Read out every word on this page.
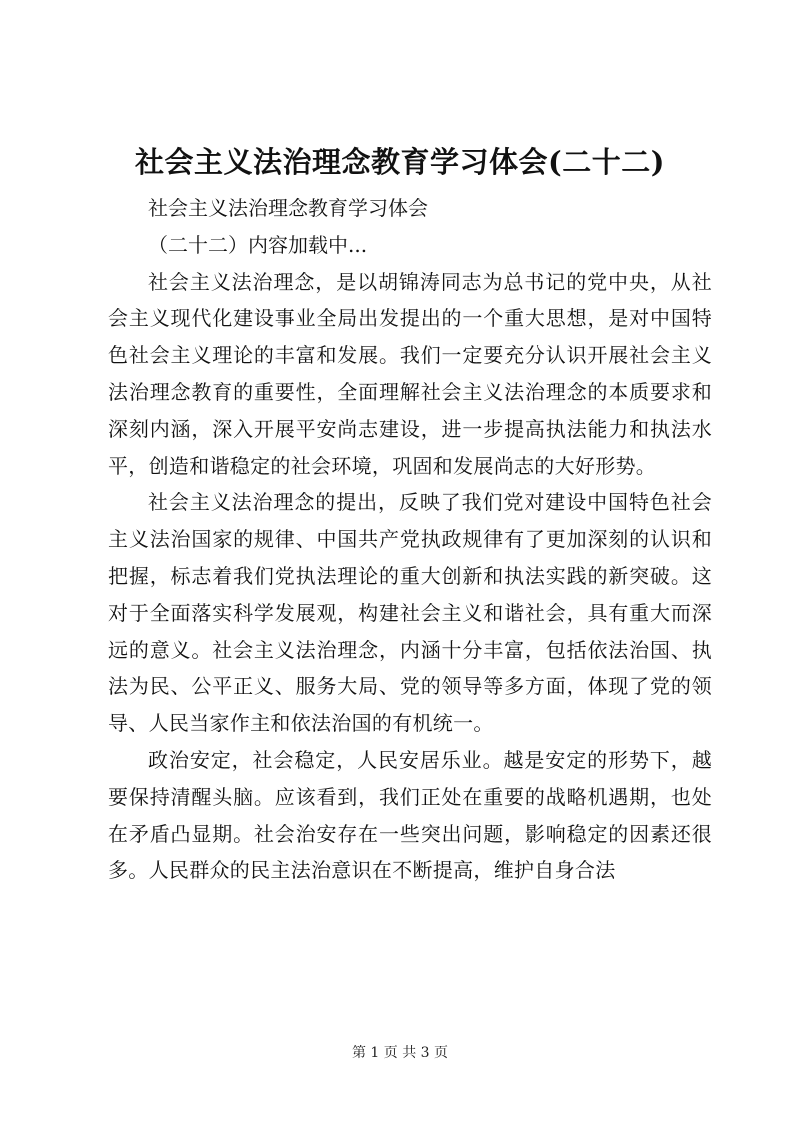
社会主义法治理念教育学习体会(二十二)

社会主义法治理念教育学习体会

（二十二）内容加载中...

社会主义法治理念，是以胡锦涛同志为总书记的党中央，从社会主义现代化建设事业全局出发提出的一个重大思想，是对中国特色社会主义理论的丰富和发展。我们一定要充分认识开展社会主义法治理念教育的重要性，全面理解社会主义法治理念的本质要求和深刻内涵，深入开展平安尚志建设，进一步提高执法能力和执法水平，创造和谐稳定的社会环境，巩固和发展尚志的大好形势。

社会主义法治理念的提出，反映了我们党对建设中国特色社会主义法治国家的规律、中国共产党执政规律有了更加深刻的认识和把握，标志着我们党执法理论的重大创新和执法实践的新突破。这对于全面落实科学发展观，构建社会主义和谐社会，具有重大而深远的意义。社会主义法治理念，内涵十分丰富，包括依法治国、执法为民、公平正义、服务大局、党的领导等多方面，体现了党的领导、人民当家作主和依法治国的有机统一。

政治安定，社会稳定，人民安居乐业。越是安定的形势下，越要保持清醒头脑。应该看到，我们正处在重要的战略机遇期，也处在矛盾凸显期。社会治安存在一些突出问题，影响稳定的因素还很多。人民群众的民主法治意识在不断提高，维护自身合法

第 1 页 共 3 页
